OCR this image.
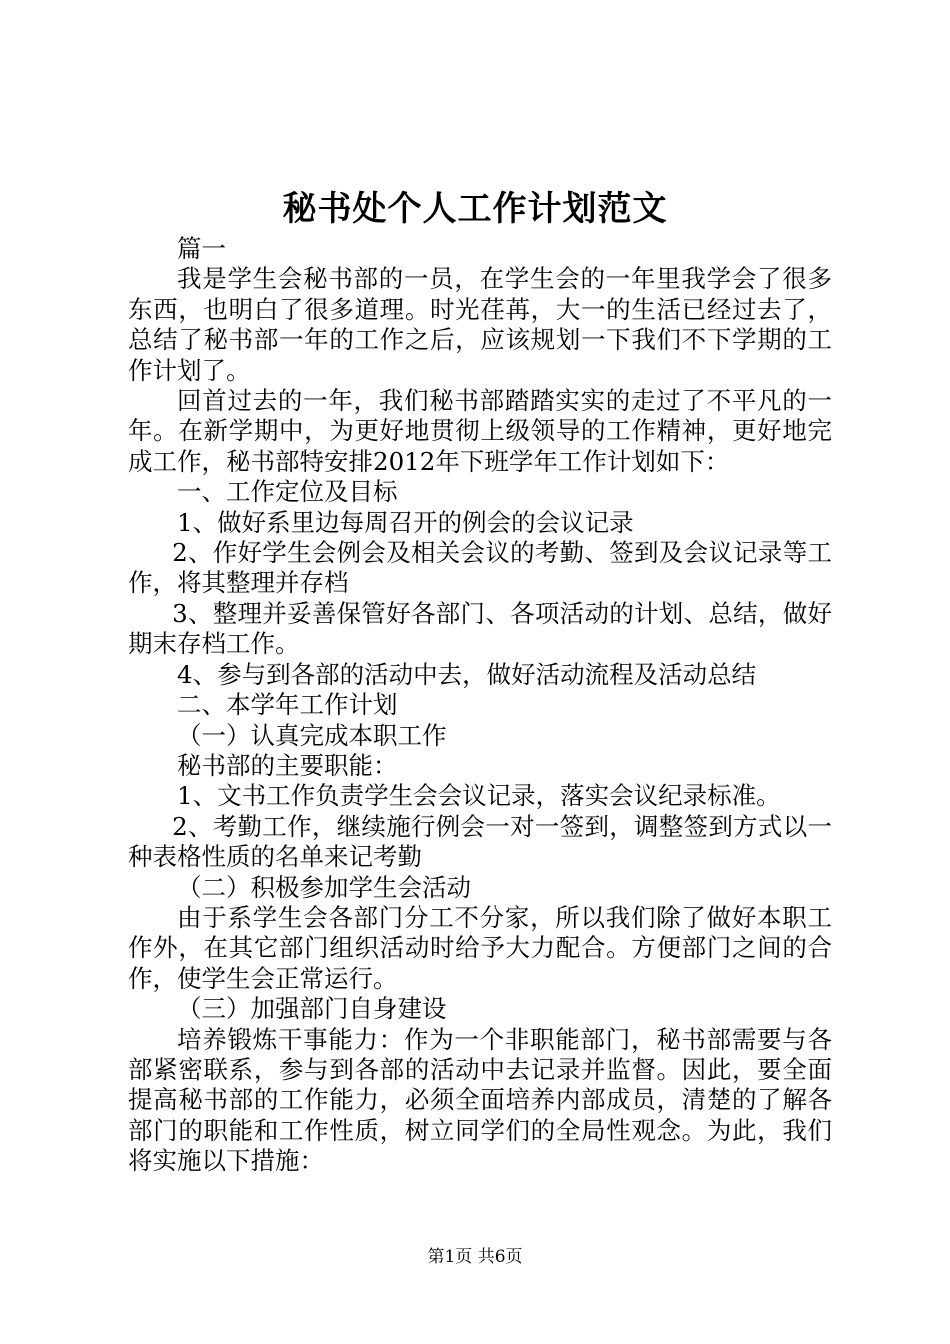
秘书处个人工作计划范文

篇一

我是学生会秘书部的一员，在学生会的一年里我学会了很多东西，也明白了很多道理。时光荏苒，大一的生活已经过去了，总结了秘书部一年的工作之后，应该规划一下我们不下学期的工作计划了。

回首过去的一年，我们秘书部踏踏实实的走过了不平凡的一年。在新学期中，为更好地贯彻上级领导的工作精神，更好地完成工作，秘书部特安排2012年下班学年工作计划如下：

一、工作定位及目标

1、做好系里边每周召开的例会的会议记录

2、作好学生会例会及相关会议的考勤、签到及会议记录等工作，将其整理并存档

3、整理并妥善保管好各部门、各项活动的计划、总结，做好期末存档工作。

4、参与到各部的活动中去，做好活动流程及活动总结

二、本学年工作计划

（一）认真完成本职工作

秘书部的主要职能：

1、文书工作负责学生会会议记录，落实会议纪录标准。

2、考勤工作，继续施行例会一对一签到，调整签到方式以一种表格性质的名单来记考勤

（二）积极参加学生会活动

由于系学生会各部门分工不分家，所以我们除了做好本职工作外，在其它部门组织活动时给予大力配合。方便部门之间的合作，使学生会正常运行。

（三）加强部门自身建设

培养锻炼干事能力：作为一个非职能部门，秘书部需要与各部紧密联系，参与到各部的活动中去记录并监督。因此，要全面提高秘书部的工作能力，必须全面培养内部成员，清楚的了解各部门的职能和工作性质，树立同学们的全局性观念。为此，我们将实施以下措施：

第1页 共6页
